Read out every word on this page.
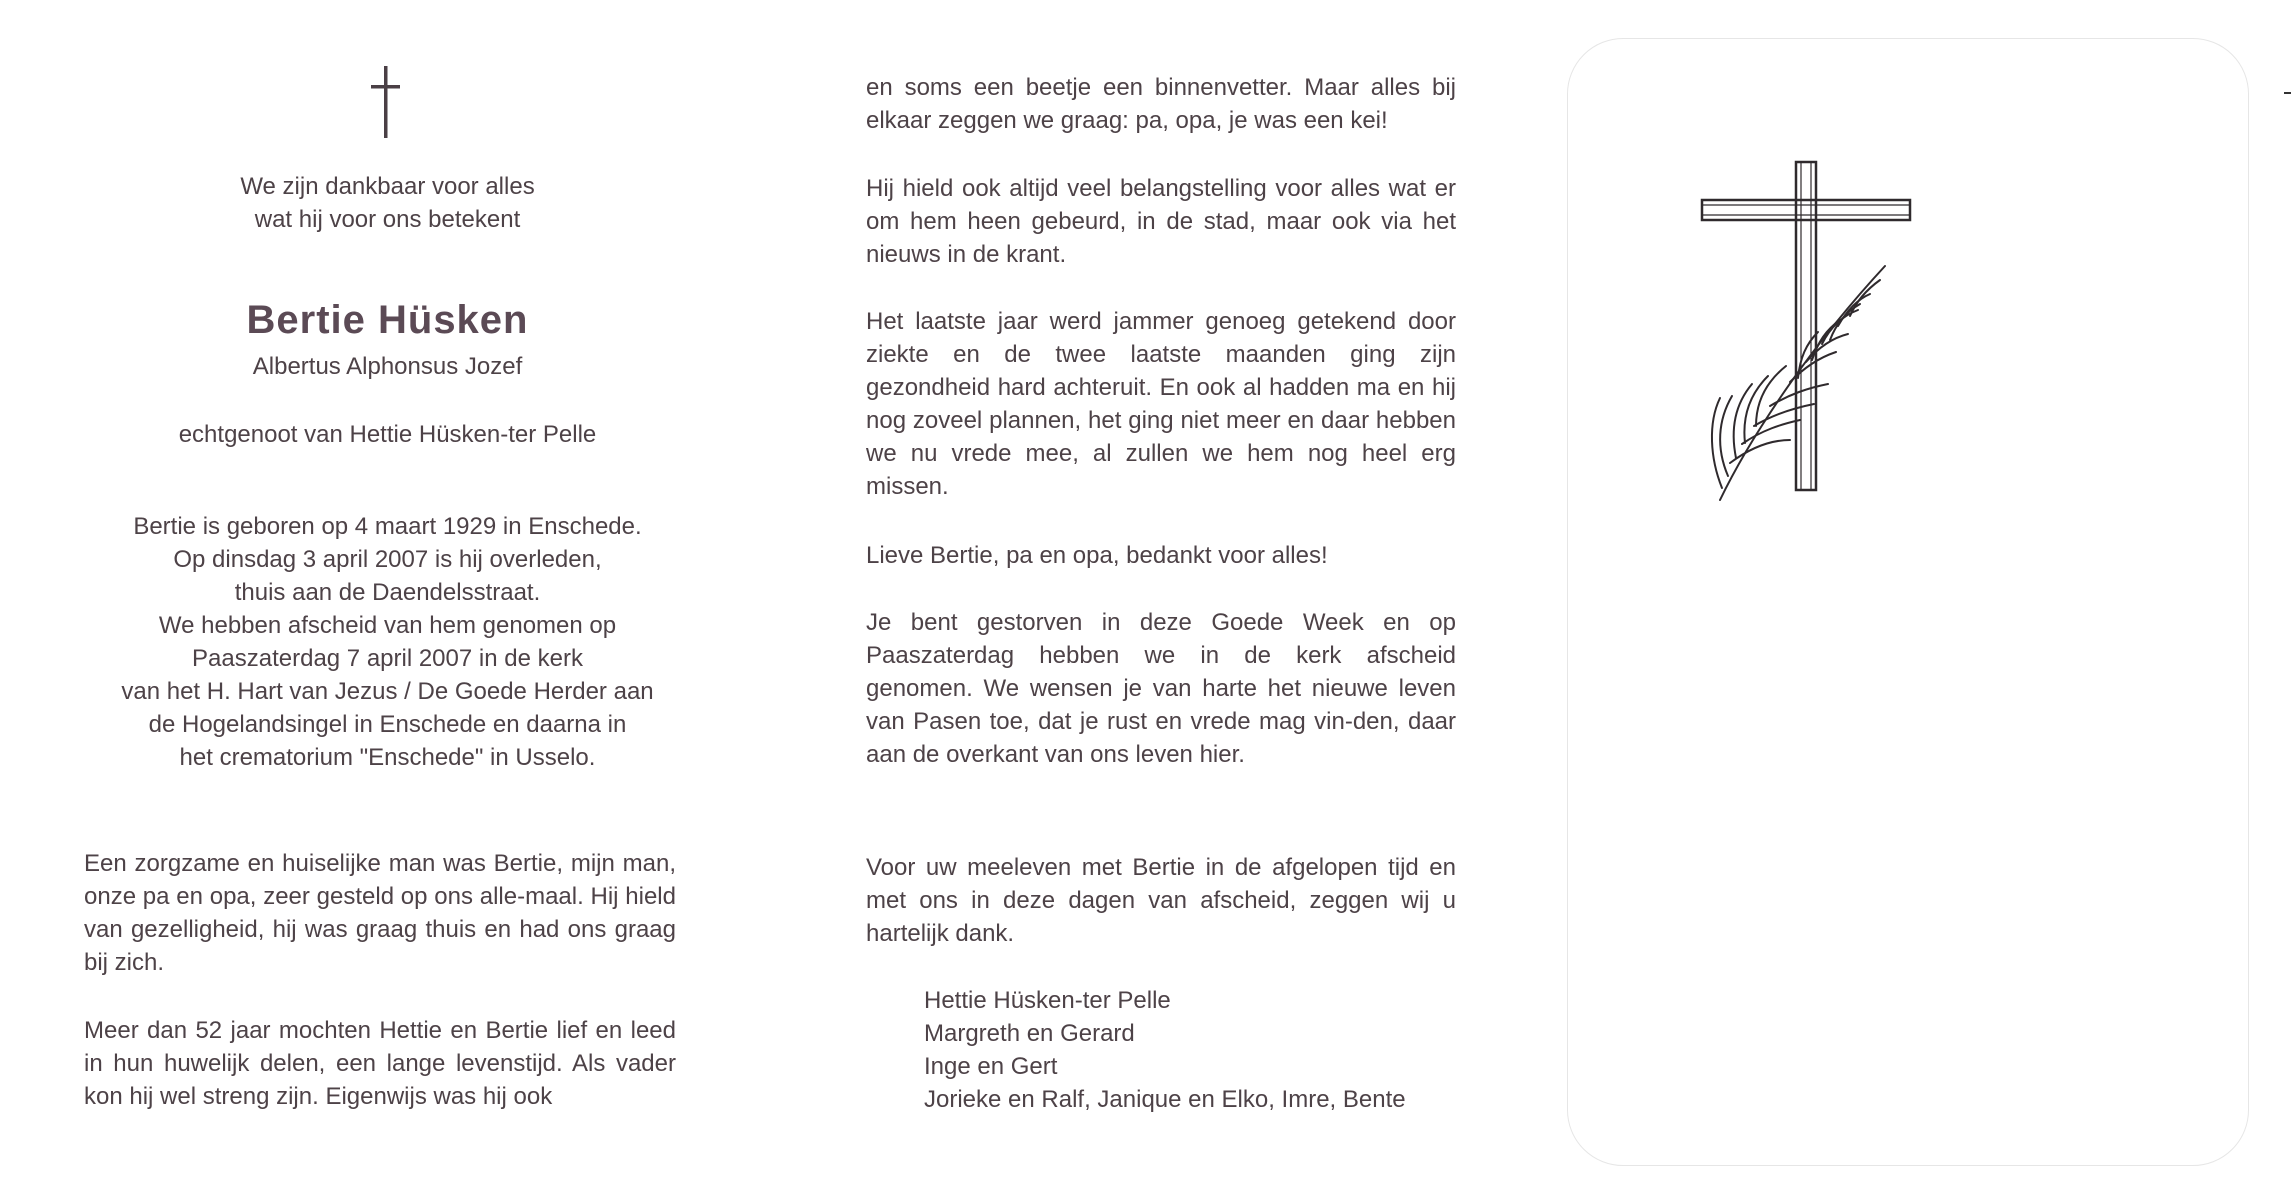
We zijn dankbaar voor alles
wat hij voor ons betekent
Bertie Hüsken
Albertus Alphonsus Jozef
echtgenoot van Hettie Hüsken-ter Pelle
Bertie is geboren op 4 maart 1929 in Enschede.
Op dinsdag 3 april 2007 is hij overleden,
thuis aan de Daendelsstraat.
We hebben afscheid van hem genomen op
Paaszaterdag 7 april 2007 in de kerk
van het H. Hart van Jezus / De Goede Herder aan
de Hogelandsingel in Enschede en daarna in
het crematorium "Enschede" in Usselo.

Een zorgzame en huiselijke man was Bertie, mijn man, onze pa en opa, zeer gesteld op ons alle-maal. Hij hield van gezelligheid, hij was graag thuis en had ons graag bij zich.

Meer dan 52 jaar mochten Hettie en Bertie lief en leed in hun huwelijk delen, een lange levenstijd. Als vader kon hij wel streng zijn. Eigenwijs was hij ook

en soms een beetje een binnenvetter. Maar alles bij elkaar zeggen we graag: pa, opa, je was een kei!

Hij hield ook altijd veel belangstelling voor alles wat er om hem heen gebeurd, in de stad, maar ook via het nieuws in de krant.

Het laatste jaar werd jammer genoeg getekend door ziekte en de twee laatste maanden ging zijn gezondheid hard achteruit. En ook al hadden ma en hij nog zoveel plannen, het ging niet meer en daar hebben we nu vrede mee, al zullen we hem nog heel erg missen.

Lieve Bertie, pa en opa, bedankt voor alles!

Je bent gestorven in deze Goede Week en op Paaszaterdag hebben we in de kerk afscheid genomen. We wensen je van harte het nieuwe leven van Pasen toe, dat je rust en vrede mag vin-den, daar aan de overkant van ons leven hier.

Voor uw meeleven met Bertie in de afgelopen tijd en met ons in deze dagen van afscheid, zeggen wij u hartelijk dank.

Hettie Hüsken-ter Pelle
Margreth en Gerard
Inge en Gert
Jorieke en Ralf, Janique en Elko, Imre, Bente
